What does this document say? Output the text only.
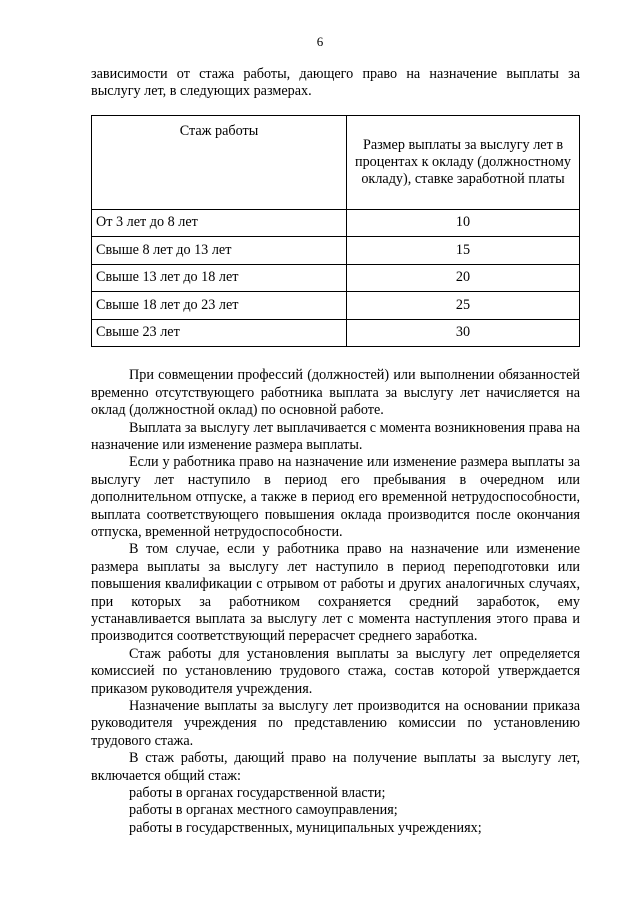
6

зависимости от стажа работы, дающего право на назначение выплаты за выслугу лет, в следующих размерах.

Стаж работы	Размер выплаты за выслугу лет в процентах к окладу (должностному окладу), ставке заработной платы
От 3 лет до 8 лет	10
Свыше 8 лет до 13 лет	15
Свыше 13 лет до 18 лет	20
Свыше 18 лет до 23 лет	25
Свыше 23 лет	30

При совмещении профессий (должностей) или выполнении обязанностей временно отсутствующего работника выплата за выслугу лет начисляется на оклад (должностной оклад) по основной работе.

Выплата за выслугу лет выплачивается с момента возникновения права на назначение или изменение размера выплаты.

Если у работника право на назначение или изменение размера выплаты за выслугу лет наступило в период его пребывания в очередном или дополнительном отпуске, а также в период его временной нетрудоспособности, выплата соответствующего повышения оклада производится после окончания отпуска, временной нетрудоспособности.

В том случае, если у работника право на назначение или изменение размера выплаты за выслугу лет наступило в период переподготовки или повышения квалификации с отрывом от работы и других аналогичных случаях, при которых за работником сохраняется средний заработок, ему устанавливается выплата за выслугу лет с момента наступления этого права и производится соответствующий перерасчет среднего заработка.

Стаж работы для установления выплаты за выслугу лет определяется комиссией по установлению трудового стажа, состав которой утверждается приказом руководителя учреждения.

Назначение выплаты за выслугу лет производится на основании приказа руководителя учреждения по представлению комиссии по установлению трудового стажа.

В стаж работы, дающий право на получение выплаты за выслугу лет, включается общий стаж:

работы в органах государственной власти;

работы в органах местного самоуправления;

работы в государственных, муниципальных учреждениях;
